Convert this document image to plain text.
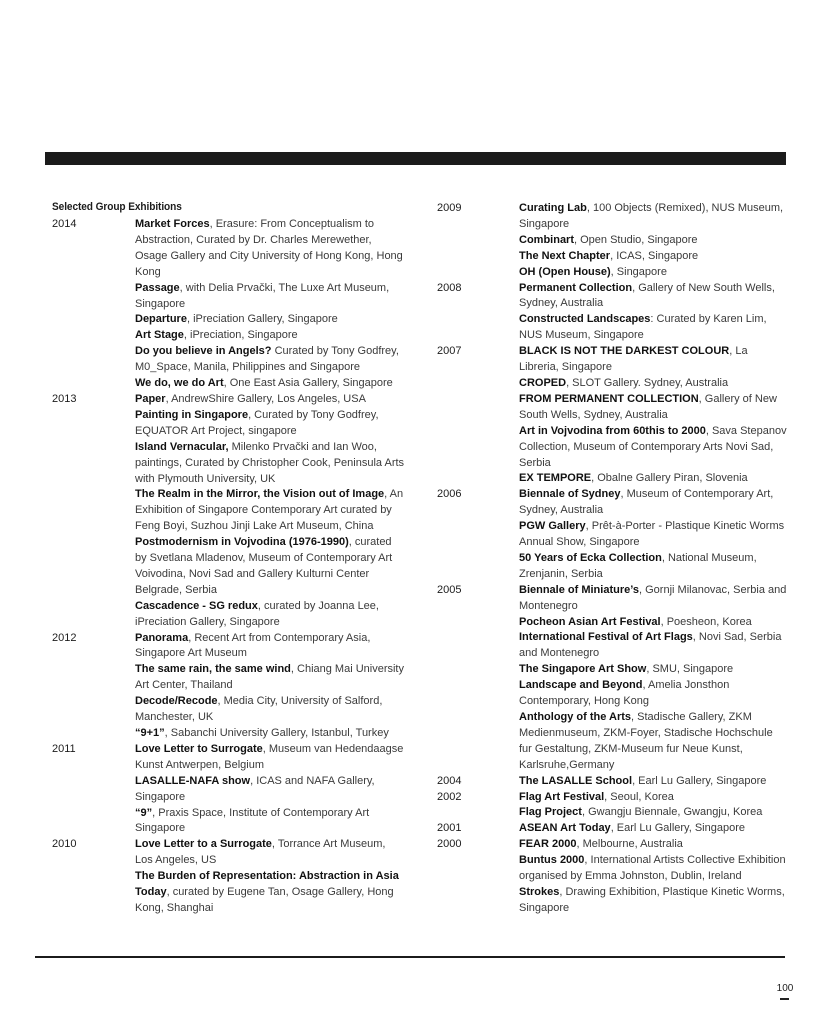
Selected Group Exhibitions
2014	Market Forces, Erasure: From Conceptualism to Abstraction, Curated by Dr. Charles Merewether, Osage Gallery and City University of Hong Kong, Hong Kong
Passage, with Delia Prvački, The Luxe Art Museum, Singapore
Departure, iPreciation Gallery, Singapore
Art Stage, iPreciation, Singapore
Do you believe in Angels? Curated by Tony Godfrey, M0_Space, Manila, Philippines and Singapore
We do, we do Art, One East Asia Gallery, Singapore
2013	Paper, AndrewShire Gallery, Los Angeles, USA
Painting in Singapore, Curated by Tony Godfrey, EQUATOR Art Project, singapore
Island Vernacular, Milenko Prvački and Ian Woo, paintings, Curated by Christopher Cook, Peninsula Arts with Plymouth University, UK
The Realm in the Mirror, the Vision out of Image, An Exhibition of Singapore Contemporary Art curated by Feng Boyi, Suzhou Jinji Lake Art Museum, China
Postmodernism in Vojvodina (1976-1990), curated by Svetlana Mladenov, Museum of Contemporary Art Voivodina, Novi Sad and Gallery Kulturni Center Belgrade, Serbia
Cascadence - SG redux, curated by Joanna Lee, iPreciation Gallery, Singapore
2012	Panorama, Recent Art from Contemporary Asia, Singapore Art Museum
The same rain, the same wind, Chiang Mai University Art Center, Thailand
Decode/Recode, Media City, University of Salford, Manchester, UK
“9+1”, Sabanchi University Gallery, Istanbul, Turkey
2011	Love Letter to Surrogate, Museum van Hedendaagse Kunst Antwerpen, Belgium
LASALLE-NAFA show, ICAS and NAFA Gallery, Singapore
“9”, Praxis Space, Institute of Contemporary Art Singapore
2010	Love Letter to a Surrogate, Torrance Art Museum, Los Angeles, US
The Burden of Representation: Abstraction in Asia Today, curated by Eugene Tan, Osage Gallery, Hong Kong, Shanghai
2009	Curating Lab, 100 Objects (Remixed), NUS Museum, Singapore
Combinart, Open Studio, Singapore
The Next Chapter, ICAS, Singapore
OH (Open House), Singapore
2008	Permanent Collection, Gallery of New South Wells, Sydney, Australia
Constructed Landscapes: Curated by Karen Lim, NUS Museum, Singapore
2007	BLACK IS NOT THE DARKEST COLOUR, La Libreria, Singapore
CROPED, SLOT Gallery. Sydney, Australia
FROM PERMANENT COLLECTION, Gallery of New South Wells, Sydney, Australia
Art in Vojvodina from 60this to 2000, Sava Stepanov Collection, Museum of Contemporary Arts Novi Sad, Serbia
EX TEMPORE, Obalne Gallery Piran, Slovenia
2006	Biennale of Sydney, Museum of Contemporary Art, Sydney, Australia
PGW Gallery, Prêt-à-Porter - Plastique Kinetic Worms Annual Show, Singapore
50 Years of Ecka Collection, National Museum, Zrenjanin, Serbia
2005	Biennale of Miniature’s, Gornji Milanovac, Serbia and Montenegro
Pocheon Asian Art Festival, Poesheon, Korea
International Festival of Art Flags, Novi Sad, Serbia and Montenegro
The Singapore Art Show, SMU, Singapore
Landscape and Beyond, Amelia Jonsthon Contemporary, Hong Kong
Anthology of the Arts, Stadische Gallery, ZKM Medienmuseum, ZKM-Foyer, Stadische Hochschule fur Gestaltung, ZKM-Museum fur Neue Kunst, Karlsruhe,Germany
2004	The LASALLE School, Earl Lu Gallery, Singapore
2002	Flag Art Festival, Seoul, Korea
Flag Project, Gwangju Biennale, Gwangju, Korea
2001	ASEAN Art Today, Earl Lu Gallery, Singapore
2000	FEAR 2000, Melbourne, Australia
Buntus 2000, International Artists Collective Exhibition organised by Emma Johnston, Dublin, Ireland
Strokes, Drawing Exhibition, Plastique Kinetic Worms, Singapore
100
